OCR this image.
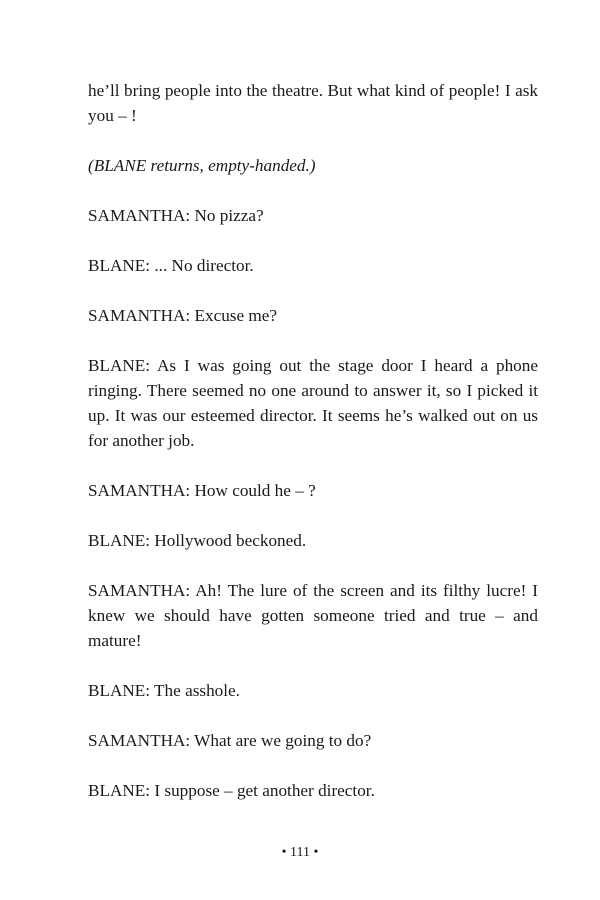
he’ll bring people into the theatre. But what kind of people! I ask you – !

(BLANE returns, empty-handed.)

SAMANTHA: No pizza?

BLANE: ... No director.

SAMANTHA: Excuse me?

BLANE: As I was going out the stage door I heard a phone ringing. There seemed no one around to answer it, so I picked it up. It was our esteemed director. It seems he’s walked out on us for another job.

SAMANTHA: How could he – ?

BLANE: Hollywood beckoned.

SAMANTHA: Ah! The lure of the screen and its filthy lucre! I knew we should have gotten someone tried and true – and mature!

BLANE: The asshole.

SAMANTHA: What are we going to do?

BLANE: I suppose – get another director.

• 111 •
